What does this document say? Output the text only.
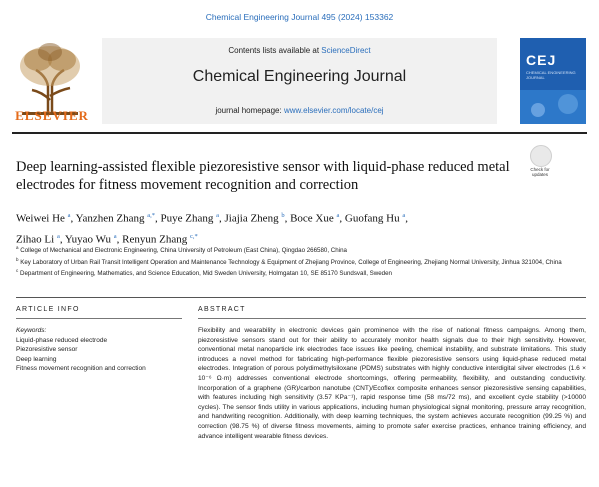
Chemical Engineering Journal 495 (2024) 153362
ELSEVIER
Contents lists available at ScienceDirect
Chemical Engineering Journal
journal homepage: www.elsevier.com/locate/cej
CEJ
CHEMICAL ENGINEERING JOURNAL
Deep learning-assisted flexible piezoresistive sensor with liquid-phase reduced metal electrodes for fitness movement recognition and correction
Check for
updates
Weiwei He $^a$, Yanzhen Zhang $^{a,*}$, Puye Zhang $^a$, Jiajia Zheng $^b$, Boce Xue $^a$, Guofang Hu $^a$,
Zihao Li $^a$, Yuyao Wu $^a$, Renyun Zhang $^{c,*}$
$^a$ College of Mechanical and Electronic Engineering, China University of Petroleum (East China), Qingdao 266580, China
$^b$ Key Laboratory of Urban Rail Transit Intelligent Operation and Maintenance Technology & Equipment of Zhejiang Province, College of Engineering, Zhejiang Normal University, Jinhua 321004, China
$^c$ Department of Engineering, Mathematics, and Science Education, Mid Sweden University, Holmgatan 10, SE 85170 Sundsvall, Sweden
ARTICLE INFO	ABSTRACT
Keywords:
Liquid-phase reduced electrode
Piezoresistive sensor
Deep learning
Fitness movement recognition and correction

Flexibility and wearability in electronic devices gain prominence with the rise of national fitness campaigns. Among them, piezoresistive sensors stand out for their ability to accurately monitor health signals due to their high sensitivity. However, conventional metal nanoparticle ink electrodes face issues like peeling, chemical instability, and substrate limitations. This study introduces a novel method for fabricating high-performance flexible piezoresistive sensors using liquid-phase reduced metal electrodes. Integration of porous polydimethylsiloxane (PDMS) substrates with highly conductive interdigital silver electrodes (1.6 × 10⁻⁶ Ω·m) addresses conventional electrode shortcomings, offering permeability, flexibility, and outstanding conductivity. Incorporation of a graphene (GR)/carbon nanotube (CNT)/Ecoflex composite enhances sensor piezoresistive sensing capabilities, with features including high sensitivity (3.57 KPa⁻¹), rapid response time (58 ms/72 ms), and excellent cycle stability (>10000 cycles). The sensor finds utility in various applications, including human physiological signal monitoring, pressure array recognition, and handwriting recognition. Additionally, with deep learning techniques, the system achieves accurate recognition (99.25 %) and correction (98.75 %) of diverse fitness movements, aiming to promote safer exercise practices, enhance training efficiency, and advance intelligent wearable fitness devices.
